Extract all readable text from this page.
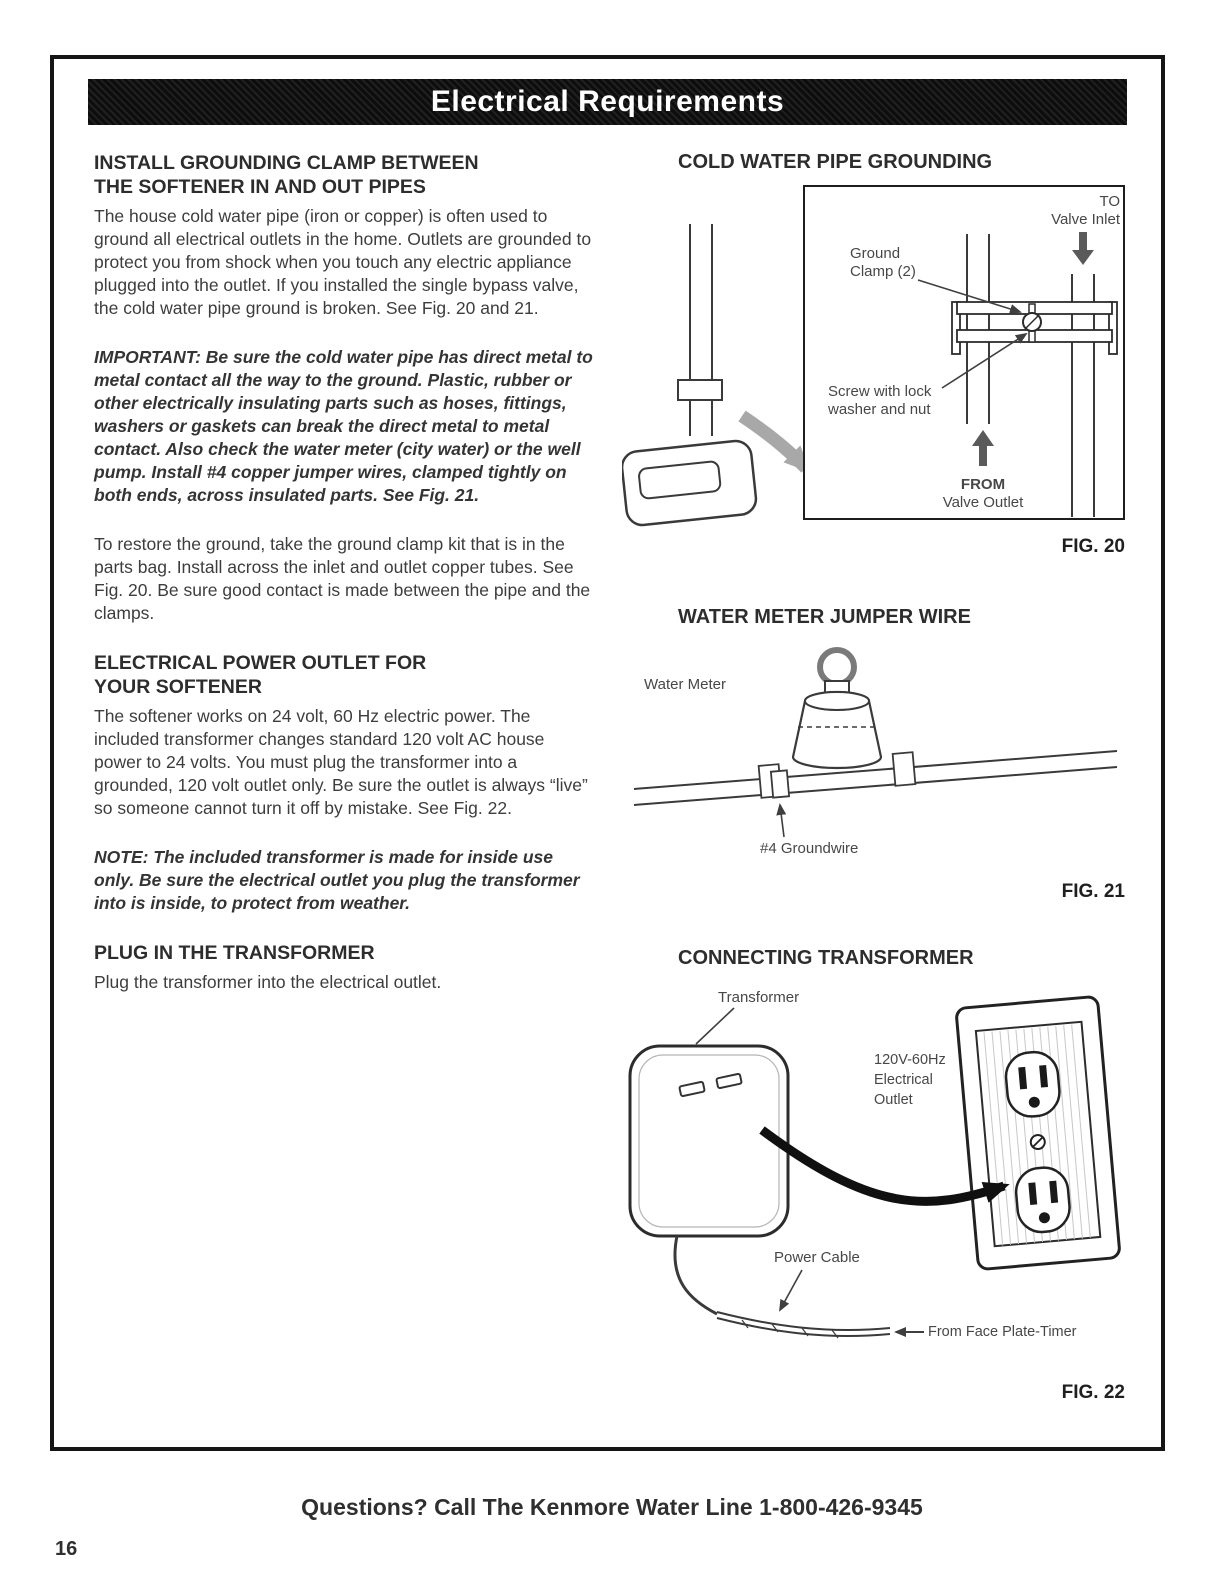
Electrical Requirements
INSTALL GROUNDING CLAMP BETWEEN
THE SOFTENER IN AND OUT PIPES

The house cold water pipe (iron or copper) is often used to ground all electrical outlets in the home. Outlets are grounded to protect you from shock when you touch any electric appliance plugged into the outlet. If you installed the single bypass valve, the cold water pipe ground is broken. See Fig. 20 and 21.

IMPORTANT: Be sure the cold water pipe has direct metal to metal contact all the way to the ground. Plastic, rubber or other electrically insulating parts such as hoses, fittings, washers or gaskets can break the direct metal to metal contact. Also check the water meter (city water) or the well pump. Install #4 copper jumper wires, clamped tightly on both ends, across insulated parts. See Fig. 21.

To restore the ground, take the ground clamp kit that is in the parts bag. Install across the inlet and outlet copper tubes. See Fig. 20. Be sure good contact is made between the pipe and the clamps.

ELECTRICAL POWER OUTLET FOR
YOUR SOFTENER

The softener works on 24 volt, 60 Hz electric power. The included transformer changes standard 120 volt AC house power to 24 volts. You must plug the transformer into a grounded, 120 volt outlet only. Be sure the outlet is always “live” so someone cannot turn it off by mistake. See Fig. 22.

NOTE: The included transformer is made for inside use only. Be sure the electrical outlet you plug the transformer into is inside, to protect from weather.

PLUG IN THE TRANSFORMER

Plug the transformer into the electrical outlet.

COLD WATER PIPE GROUNDING
TO
Valve Inlet
FROM
Valve Outlet
Ground
Clamp (2)
Screw with lock
washer and nut
FIG. 20
WATER METER JUMPER WIRE
Water Meter
#4 Groundwire
FIG. 21
CONNECTING TRANSFORMER
Transformer
120V-60Hz
Electrical
Outlet
Power Cable
From Face Plate-Timer
FIG. 22
Questions? Call The Kenmore Water Line 1-800-426-9345
16
